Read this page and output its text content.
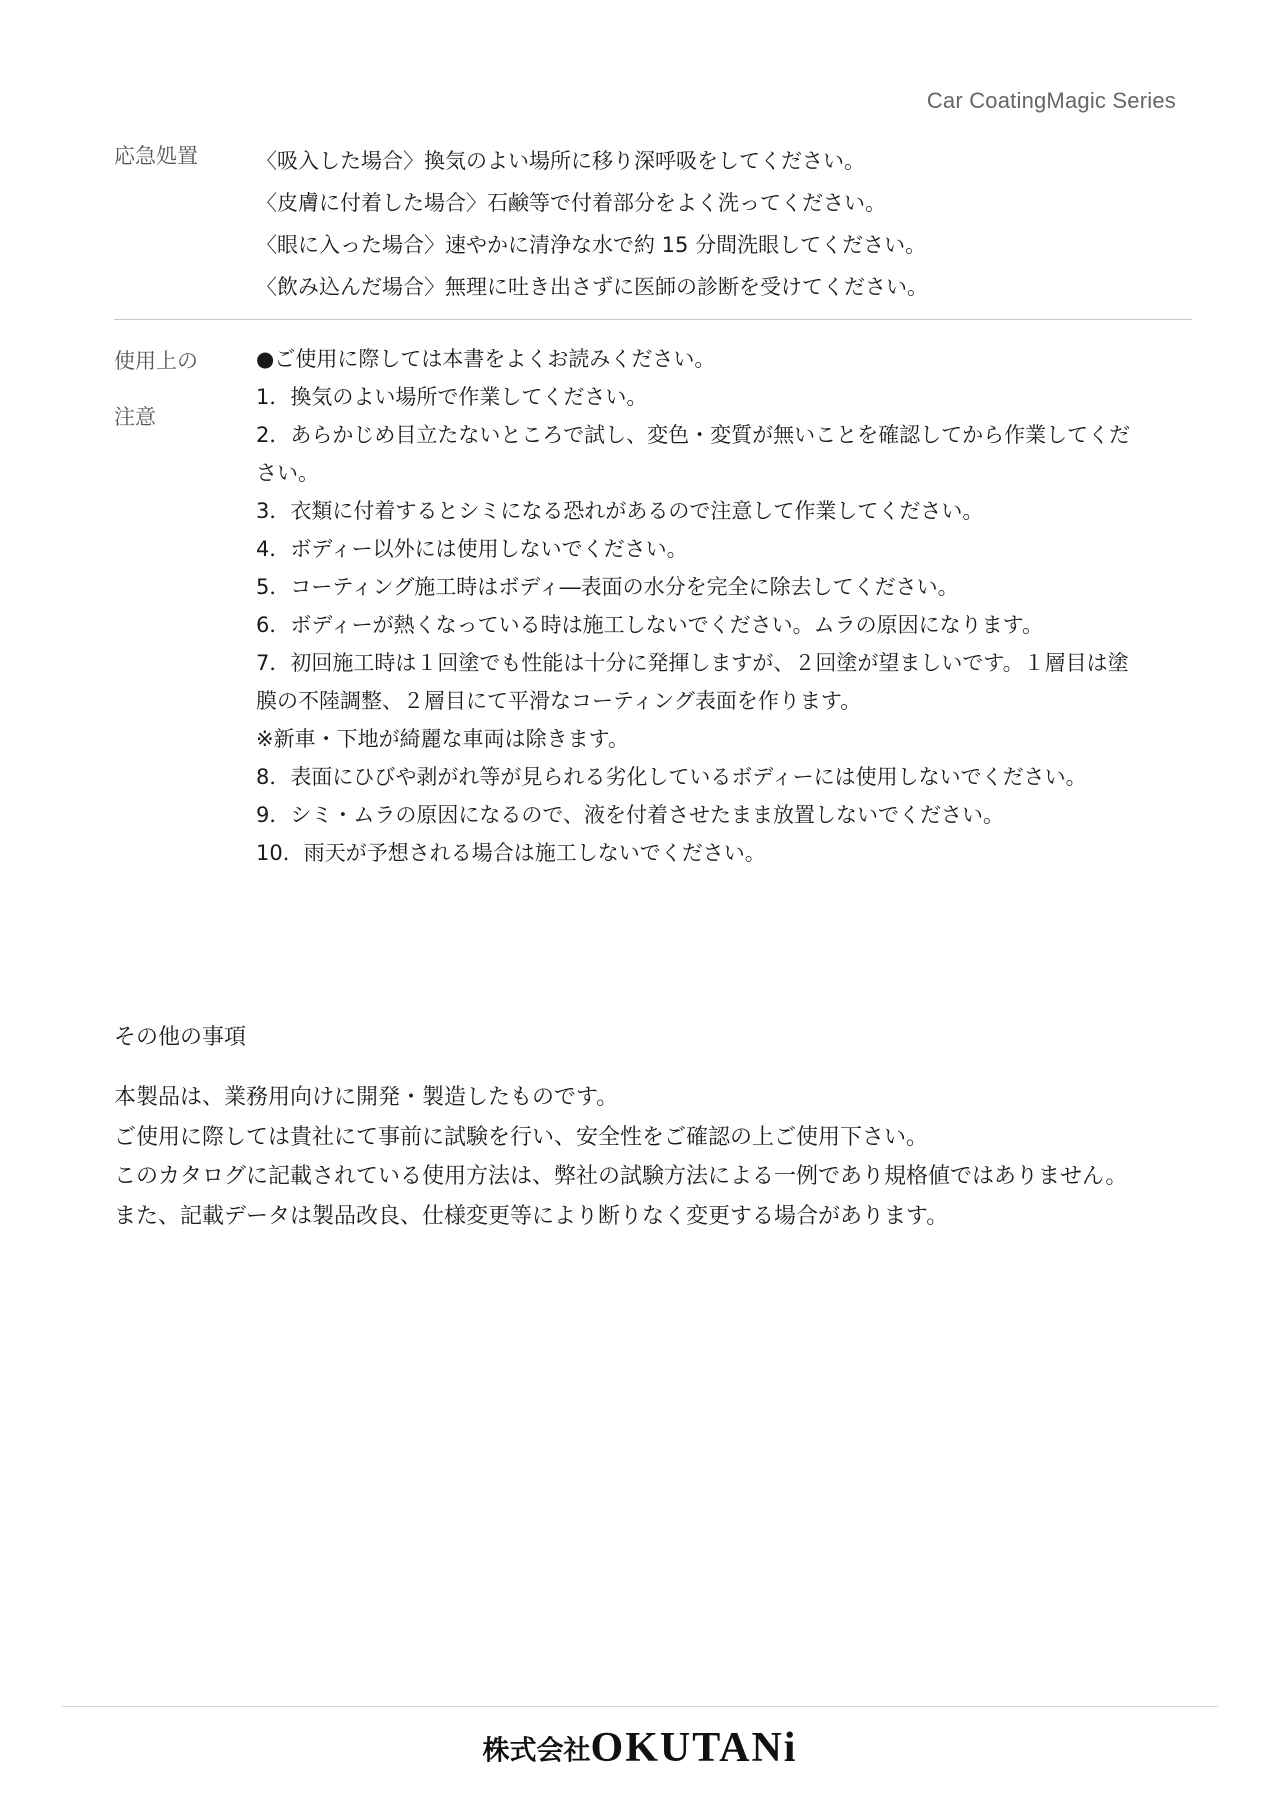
Car CoatingMagic Series
応急処置	〈吸入した場合〉換気のよい場所に移り深呼吸をしてください。
〈皮膚に付着した場合〉石鹸等で付着部分をよく洗ってください。
〈眼に入った場合〉速やかに清浄な水で約 15 分間洗眼してください。
〈飲み込んだ場合〉無理に吐き出さずに医師の診断を受けてください。
使用上の
注意
●ご使用に際しては本書をよくお読みください。
1．換気のよい場所で作業してください。
2．あらかじめ目立たないところで試し、変色・変質が無いことを確認してから作業してください。
3．衣類に付着するとシミになる恐れがあるので注意して作業してください。
4．ボディー以外には使用しないでください。
5．コーティング施工時はボディ―表面の水分を完全に除去してください。
6．ボディーが熱くなっている時は施工しないでください。ムラの原因になります。
7．初回施工時は１回塗でも性能は十分に発揮しますが、２回塗が望ましいです。１層目は塗膜の不陸調整、２層目にて平滑なコーティング表面を作ります。
※新車・下地が綺麗な車両は除きます。
8．表面にひびや剥がれ等が見られる劣化しているボディーには使用しないでください。
9．シミ・ムラの原因になるので、液を付着させたまま放置しないでください。
10．雨天が予想される場合は施工しないでください。
その他の事項
本製品は、業務用向けに開発・製造したものです。
ご使用に際しては貴社にて事前に試験を行い、安全性をご確認の上ご使用下さい。
このカタログに記載されている使用方法は、弊社の試験方法による一例であり規格値ではありません。
また、記載データは製品改良、仕様変更等により断りなく変更する場合があります。
株式会社OKUTANi
